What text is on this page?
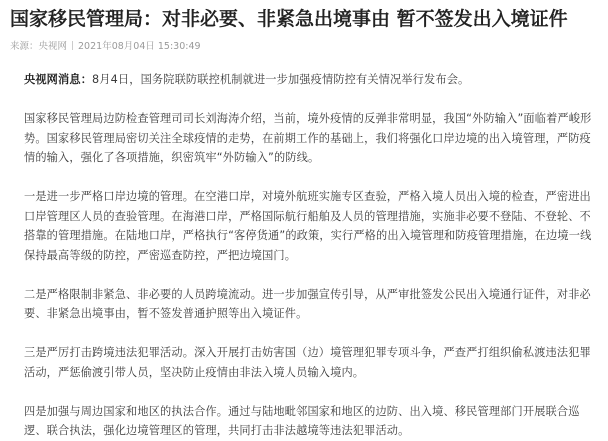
国家移民管理局：对非必要、非紧急出境事由 暂不签发出入境证件
来源：央视网 2021年08月04日 15:30:49

央视网消息：8月4日，国务院联防联控机制就进一步加强疫情防控有关情况举行发布会。

国家移民管理局边防检查管理司司长刘海涛介绍，当前，境外疫情的反弹非常明显，我国“外防输入”面临着严峻形势。国家移民管理局密切关注全球疫情的走势，在前期工作的基础上，我们将强化口岸边境的出入境管理，严防疫情的输入，强化了各项措施，织密筑牢“外防输入”的防线。

一是进一步严格口岸边境的管理。在空港口岸，对境外航班实施专区查验，严格入境人员出入境的检查，严密进出口岸管理区人员的查验管理。在海港口岸，严格国际航行船舶及人员的管理措施，实施非必要不登陆、不登轮、不搭靠的管理措施。在陆地口岸，严格执行“客停货通”的政策，实行严格的出入境管理和防疫管理措施，在边境一线保持最高等级的防控，严密巡查防控，严把边境国门。

二是严格限制非紧急、非必要的人员跨境流动。进一步加强宣传引导，从严审批签发公民出入境通行证件，对非必要、非紧急出境事由，暂不签发普通护照等出入境证件。

三是严厉打击跨境违法犯罪活动。深入开展打击妨害国（边）境管理犯罪专项斗争，严查严打组织偷私渡违法犯罪活动，严惩偷渡引带人员，坚决防止疫情由非法入境人员输入境内。

四是加强与周边国家和地区的执法合作。通过与陆地毗邻国家和地区的边防、出入境、移民管理部门开展联合巡逻、联合执法，强化边境管理区的管理，共同打击非法越境等违法犯罪活动。
